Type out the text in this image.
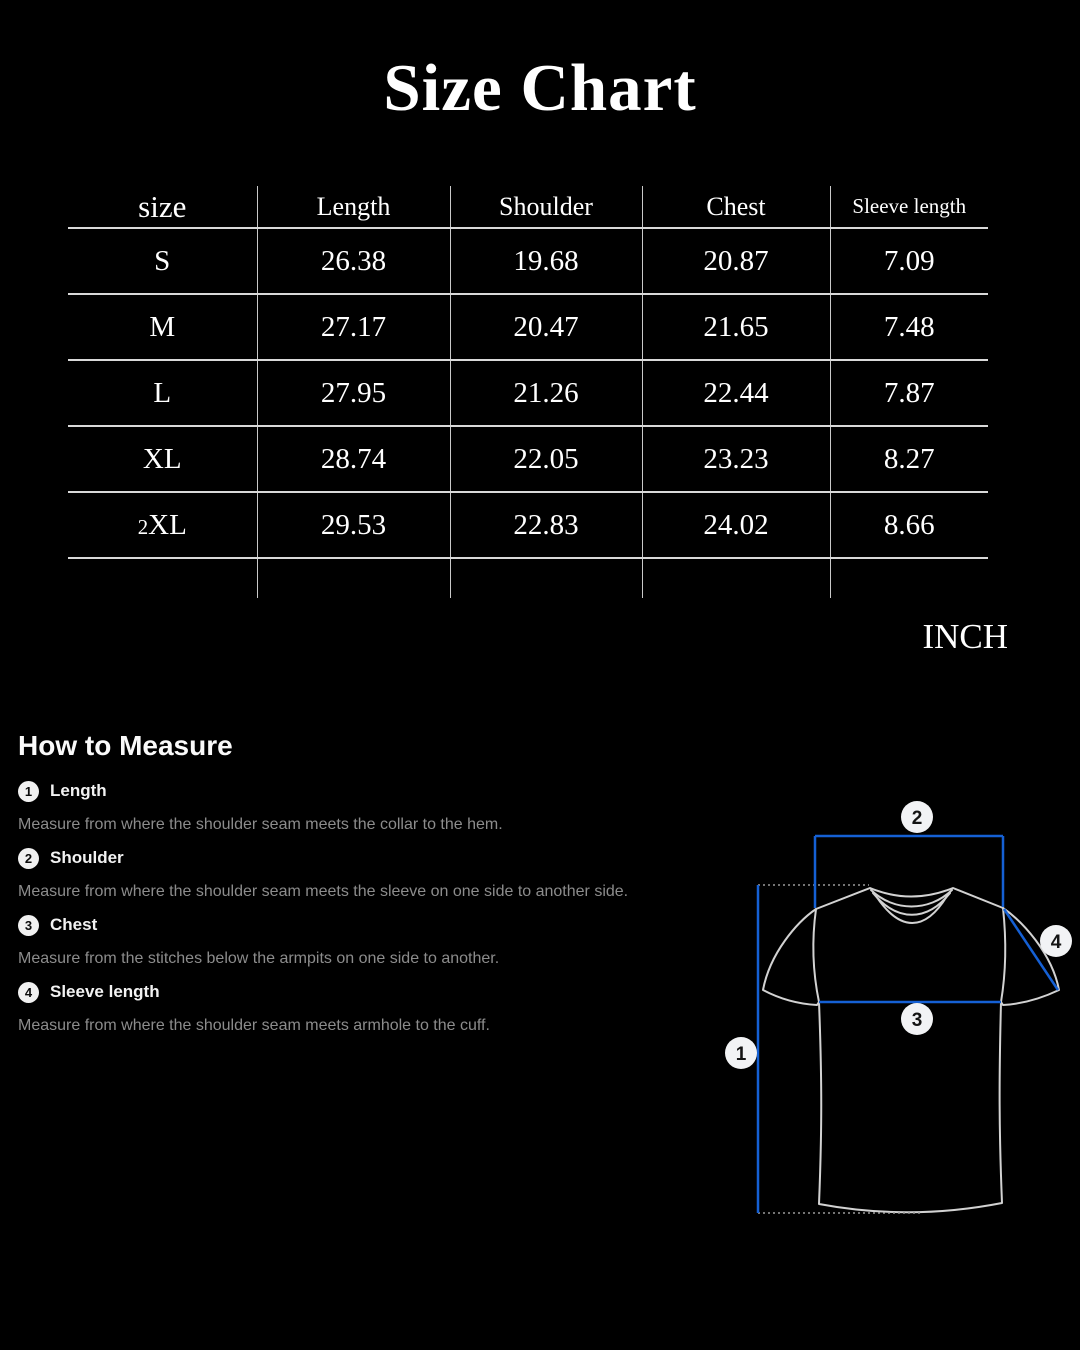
Size Chart
size	Length	Shoulder	Chest	Sleeve length
S	26.38	19.68	20.87	7.09
M	27.17	20.47	21.65	7.48
L	27.95	21.26	22.44	7.87
XL	28.74	22.05	23.23	8.27
2XL	29.53	22.83	24.02	8.66

INCH
How to Measure
1	Length
Measure from where the shoulder seam meets the collar to the hem.
2	Shoulder
Measure from where the shoulder seam meets the sleeve on one side to another side.
3	Chest
Measure from the stitches below the armpits on one side to another.
4	Sleeve length
Measure from where the shoulder seam meets armhole to the cuff.
1
2
3
4
